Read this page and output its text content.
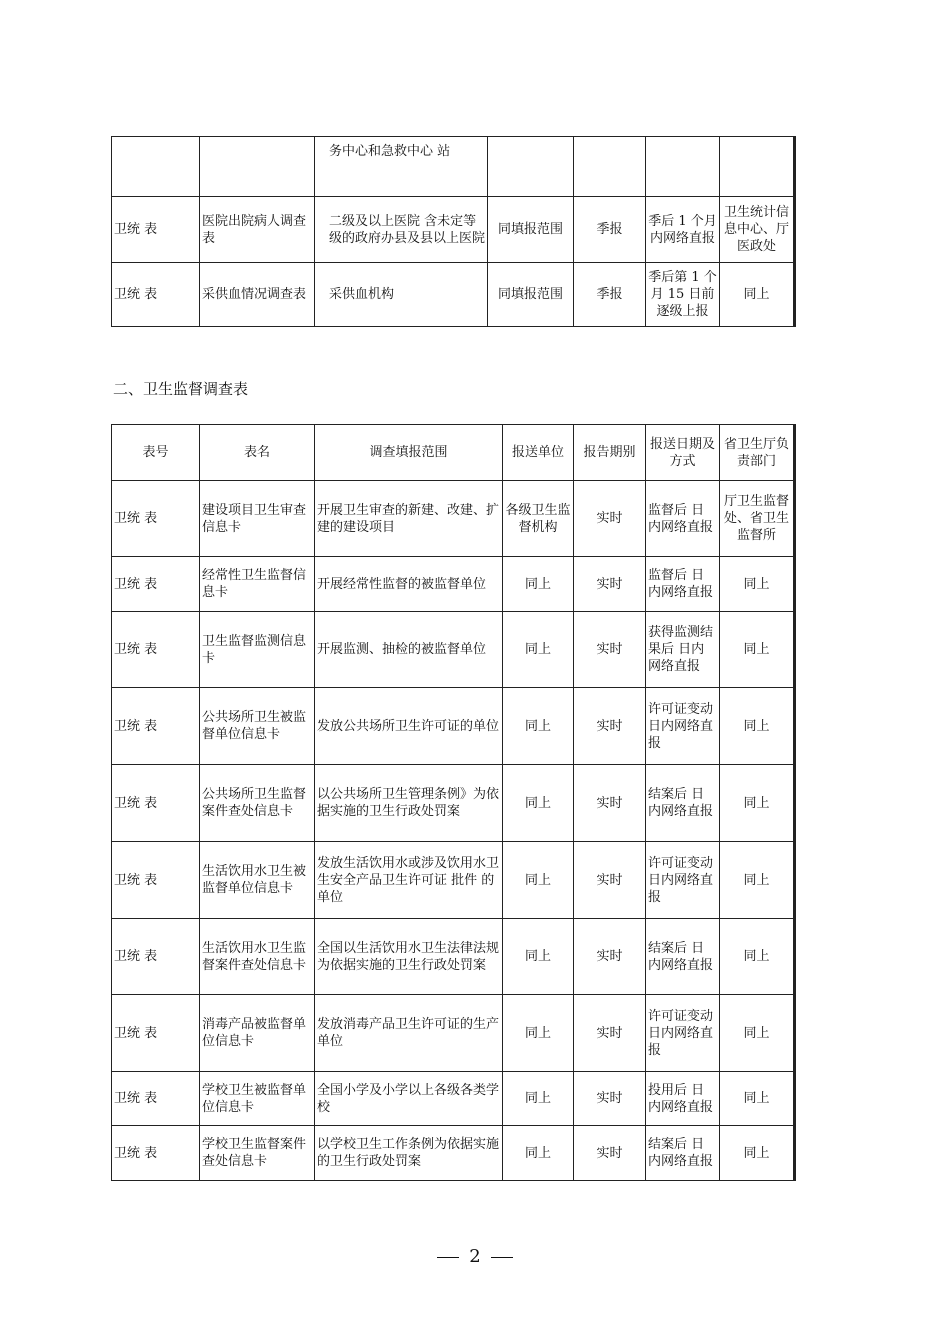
		务中心和急救中心 站				
卫统 表	医院出院病人调查表	二级及以上医院 含未定等级的政府办县及县以上医院	同填报范围	季报	季后 1 个月内网络直报	卫生统计信息中心、厅医政处
卫统 表	采供血情况调查表	采供血机构	同填报范围	季报	季后第 1 个月 15 日前逐级上报	同上
二、卫生监督调查表
表号	表名	调查填报范围	报送单位	报告期别	报送日期及方式	省卫生厅负责部门
卫统 表	建设项目卫生审查信息卡	开展卫生审查的新建、改建、扩建的建设项目	各级卫生监督机构	实时	监督后 日内网络直报	厅卫生监督处、省卫生监督所
卫统 表	经常性卫生监督信息卡	开展经常性监督的被监督单位	同上	实时	监督后 日内网络直报	同上
卫统 表	卫生监督监测信息卡	开展监测、抽检的被监督单位	同上	实时	获得监测结果后 日内网络直报	同上
卫统 表	公共场所卫生被监督单位信息卡	发放公共场所卫生许可证的单位	同上	实时	许可证变动 日内网络直报	同上
卫统 表	公共场所卫生监督案件查处信息卡	以公共场所卫生管理条例》为依据实施的卫生行政处罚案	同上	实时	结案后 日内网络直报	同上
卫统 表	生活饮用水卫生被监督单位信息卡	发放生活饮用水或涉及饮用水卫生安全产品卫生许可证 批件 的单位	同上	实时	许可证变动 日内网络直报	同上
卫统 表	生活饮用水卫生监督案件查处信息卡	全国以生活饮用水卫生法律法规为依据实施的卫生行政处罚案	同上	实时	结案后 日内网络直报	同上
卫统 表	消毒产品被监督单位信息卡	发放消毒产品卫生许可证的生产单位	同上	实时	许可证变动 日内网络直报	同上
卫统 表	学校卫生被监督单位信息卡	全国小学及小学以上各级各类学校	同上	实时	投用后 日内网络直报	同上
卫统 表	学校卫生监督案件查处信息卡	以学校卫生工作条例为依据实施的卫生行政处罚案	同上	实时	结案后 日内网络直报	同上
2
